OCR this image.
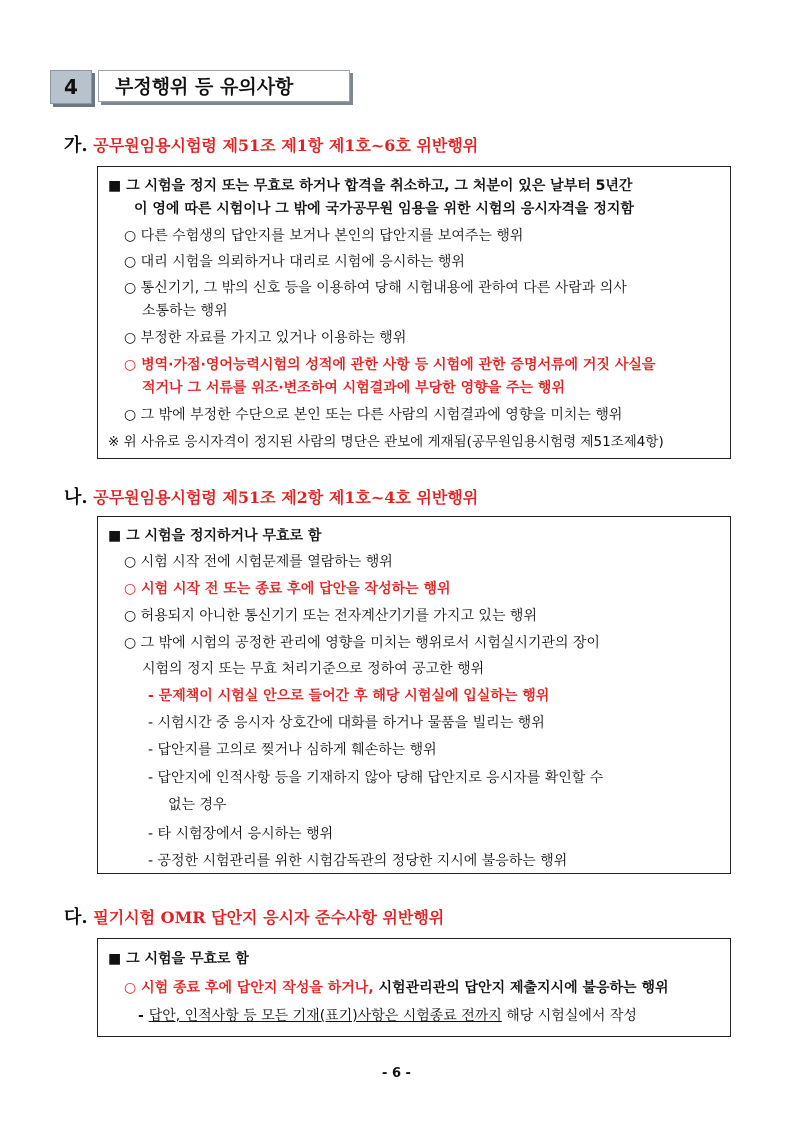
4	부정행위 등 유의사항
가. 공무원임용시험령 제51조 제1항 제1호~6호 위반행위
■ 그 시험을 정지 또는 무효로 하거나 합격을 취소하고, 그 처분이 있은 날부터 5년간
이 영에 따른 시험이나 그 밖에 국가공무원 임용을 위한 시험의 응시자격을 정지함
○ 다른 수험생의 답안지를 보거나 본인의 답안지를 보여주는 행위
○ 대리 시험을 의뢰하거나 대리로 시험에 응시하는 행위
○ 통신기기, 그 밖의 신호 등을 이용하여 당해 시험내용에 관하여 다른 사람과 의사
소통하는 행위
○ 부정한 자료를 가지고 있거나 이용하는 행위
○ 병역·가점·영어능력시험의 성적에 관한 사항 등 시험에 관한 증명서류에 거짓 사실을
적거나 그 서류를 위조·변조하여 시험결과에 부당한 영향을 주는 행위
○ 그 밖에 부정한 수단으로 본인 또는 다른 사람의 시험결과에 영향을 미치는 행위
※ 위 사유로 응시자격이 정지된 사람의 명단은 관보에 게재됨(공무원임용시험령 제51조제4항)
나. 공무원임용시험령 제51조 제2항 제1호~4호 위반행위
■ 그 시험을 정지하거나 무효로 함
○ 시험 시작 전에 시험문제를 열람하는 행위
○ 시험 시작 전 또는 종료 후에 답안을 작성하는 행위
○ 허용되지 아니한 통신기기 또는 전자계산기기를 가지고 있는 행위
○ 그 밖에 시험의 공정한 관리에 영향을 미치는 행위로서 시험실시기관의 장이
시험의 정지 또는 무효 처리기준으로 정하여 공고한 행위
- 문제책이 시험실 안으로 들어간 후 해당 시험실에 입실하는 행위
- 시험시간 중 응시자 상호간에 대화를 하거나 물품을 빌리는 행위
- 답안지를 고의로 찢거나 심하게 훼손하는 행위
- 답안지에 인적사항 등을 기재하지 않아 당해 답안지로 응시자를 확인할 수
없는 경우
- 타 시험장에서 응시하는 행위
- 공정한 시험관리를 위한 시험감독관의 정당한 지시에 불응하는 행위
다. 필기시험 OMR 답안지 응시자 준수사항 위반행위
■ 그 시험을 무효로 함
○ 시험 종료 후에 답안지 작성을 하거나, 시험관리관의 답안지 제출지시에 불응하는 행위
- 답안, 인적사항 등 모든 기재(표기)사항은 시험종료 전까지 해당 시험실에서 작성
- 6 -
